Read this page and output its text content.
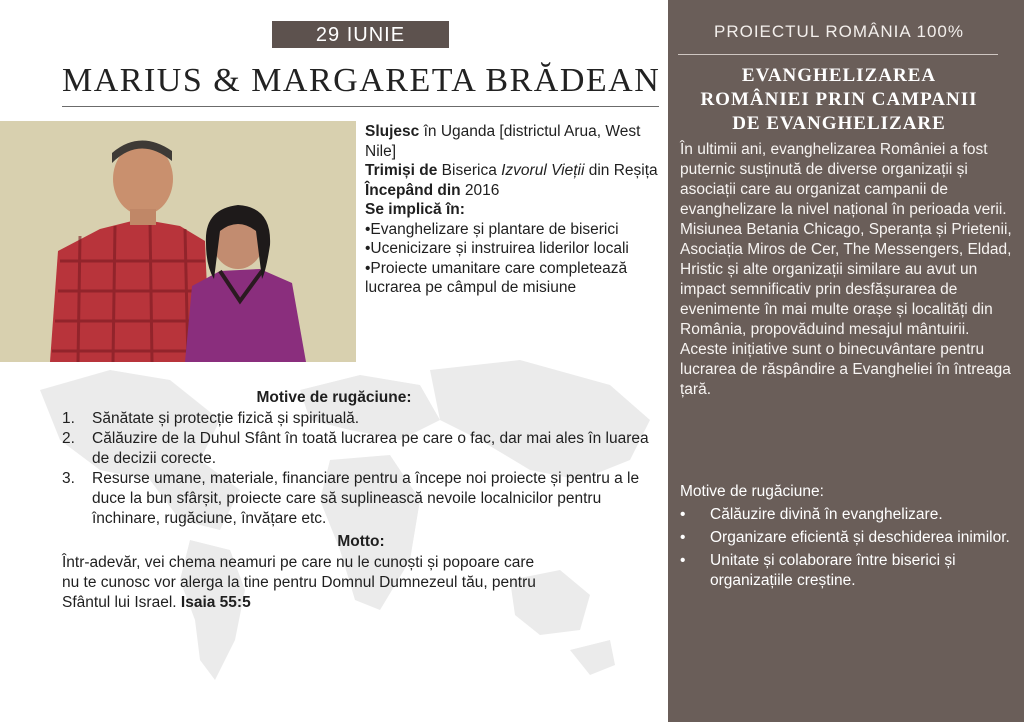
29 IUNIE
MARIUS & MARGARETA BRĂDEAN
Slujesc în Uganda [districtul Arua, West Nile]
Trimiși de Biserica Izvorul Vieții din Reșița
Începând din 2016
Se implică în:
•Evanghelizare și plantare de biserici
•Ucenicizare și instruirea liderilor locali
•Proiecte umanitare care completează lucrarea pe câmpul de misiune
Motive de rugăciune:
1. Sănătate și protecție fizică și spirituală.
2. Călăuzire de la Duhul Sfânt în toată lucrarea pe care o fac, dar mai ales în luarea de decizii corecte.
3. Resurse umane, materiale, financiare pentru a începe noi proiecte și pentru a le duce la bun sfârșit, proiecte care să suplinească nevoile localnicilor pentru închinare, rugăciune, învățare etc.
Motto:
Într-adevăr, vei chema neamuri pe care nu le cunoști și popoare care
nu te cunosc vor alerga la tine pentru Domnul Dumnezeul tău, pentru
Sfântul lui Israel. Isaia 55:5
PROIECTUL ROMÂNIA 100%
EVANGHELIZAREA
ROMÂNIEI PRIN CAMPANII
DE EVANGHELIZARE
În ultimii ani, evanghelizarea României a fost puternic susținută de diverse organizații și asociații care au organizat campanii de evanghelizare la nivel național în perioada verii. Misiunea Betania Chicago, Speranța și Prietenii, Asociația Miros de Cer, The Messengers, Eldad, Hristic și alte organizații similare au avut un impact semnificativ prin desfășurarea de evenimente în mai multe orașe și localități din România, propovăduind mesajul mântuirii.
Aceste inițiative sunt o binecuvântare pentru lucrarea de răspândire a Evangheliei în întreaga țară.
Motive de rugăciune:
• Călăuzire divină în evanghelizare.
• Organizare eficientă și deschiderea inimilor.
• Unitate și colaborare între biserici și organizațiile creștine.
